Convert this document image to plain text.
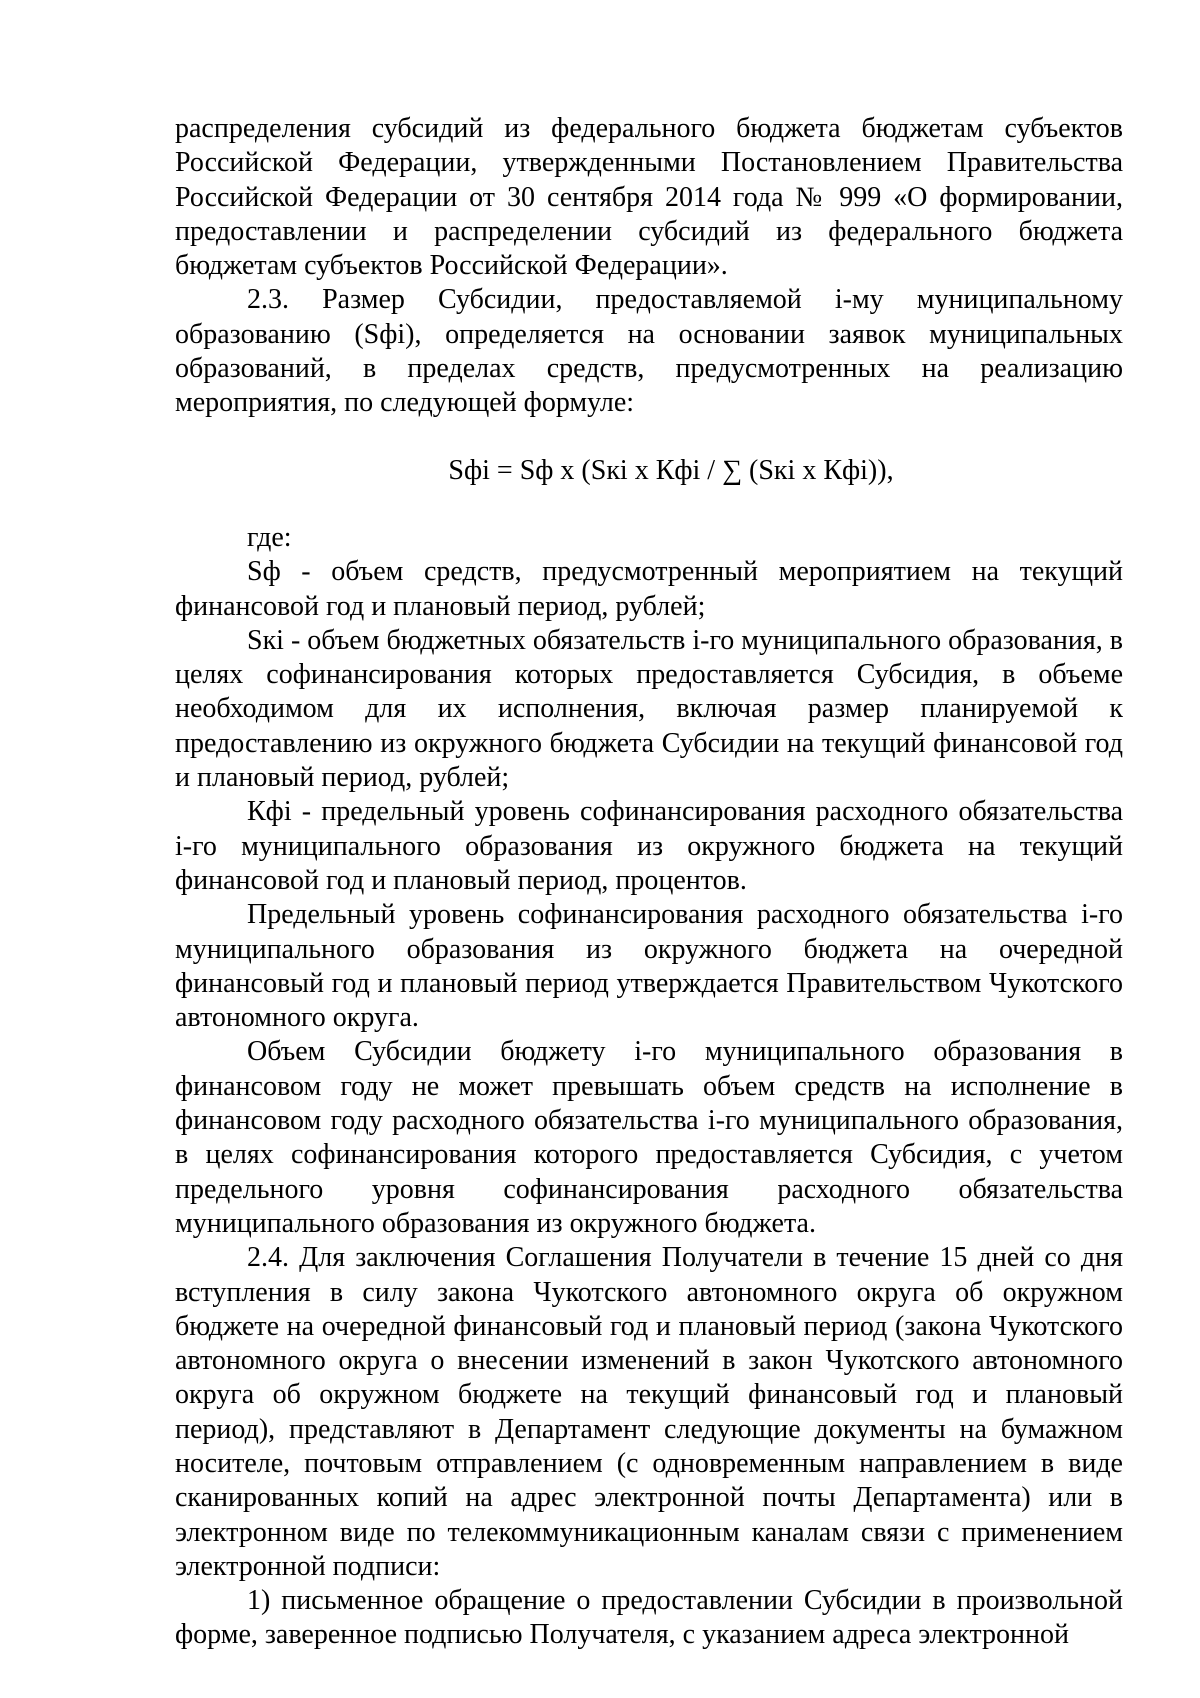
распределения субсидий из федерального бюджета бюджетам субъектов Российской Федерации, утвержденными Постановлением Правительства Российской Федерации от 30 сентября 2014 года № 999 «О формировании, предоставлении и распределении субсидий из федерального бюджета бюджетам субъектов Российской Федерации».

2.3. Размер Субсидии, предоставляемой i-му муниципальному образованию (Sфi), определяется на основании заявок муниципальных образований, в пределах средств, предусмотренных на реализацию мероприятия, по следующей формуле:

Sфi = Sф x (Sкi x Кфi / ∑ (Sкi x Кфi)),

где:

Sф - объем средств, предусмотренный мероприятием на текущий финансовой год и плановый период, рублей;

Sкi - объем бюджетных обязательств i-го муниципального образования, в целях софинансирования которых предоставляется Субсидия, в объеме необходимом для их исполнения, включая размер планируемой к предоставлению из окружного бюджета Субсидии на текущий финансовой год и плановый период, рублей;

Кфi - предельный уровень софинансирования расходного обязательства i-го муниципального образования из окружного бюджета на текущий финансовой год и плановый период, процентов.

Предельный уровень софинансирования расходного обязательства i-го муниципального образования из окружного бюджета на очередной финансовый год и плановый период утверждается Правительством Чукотского автономного округа.

Объем Субсидии бюджету i-го муниципального образования в финансовом году не может превышать объем средств на исполнение в финансовом году расходного обязательства i-го муниципального образования, в целях софинансирования которого предоставляется Субсидия, с учетом предельного уровня софинансирования расходного обязательства муниципального образования из окружного бюджета.

2.4. Для заключения Соглашения Получатели в течение 15 дней со дня вступления в силу закона Чукотского автономного округа об окружном бюджете на очередной финансовый год и плановый период (закона Чукотского автономного округа о внесении изменений в закон Чукотского автономного округа об окружном бюджете на текущий финансовый год и плановый период), представляют в Департамент следующие документы на бумажном носителе, почтовым отправлением (с одновременным направлением в виде сканированных копий на адрес электронной почты Департамента) или в электронном виде по телекоммуникационным каналам связи с применением электронной подписи:

1) письменное обращение о предоставлении Субсидии в произвольной форме, заверенное подписью Получателя, с указанием адреса электронной
